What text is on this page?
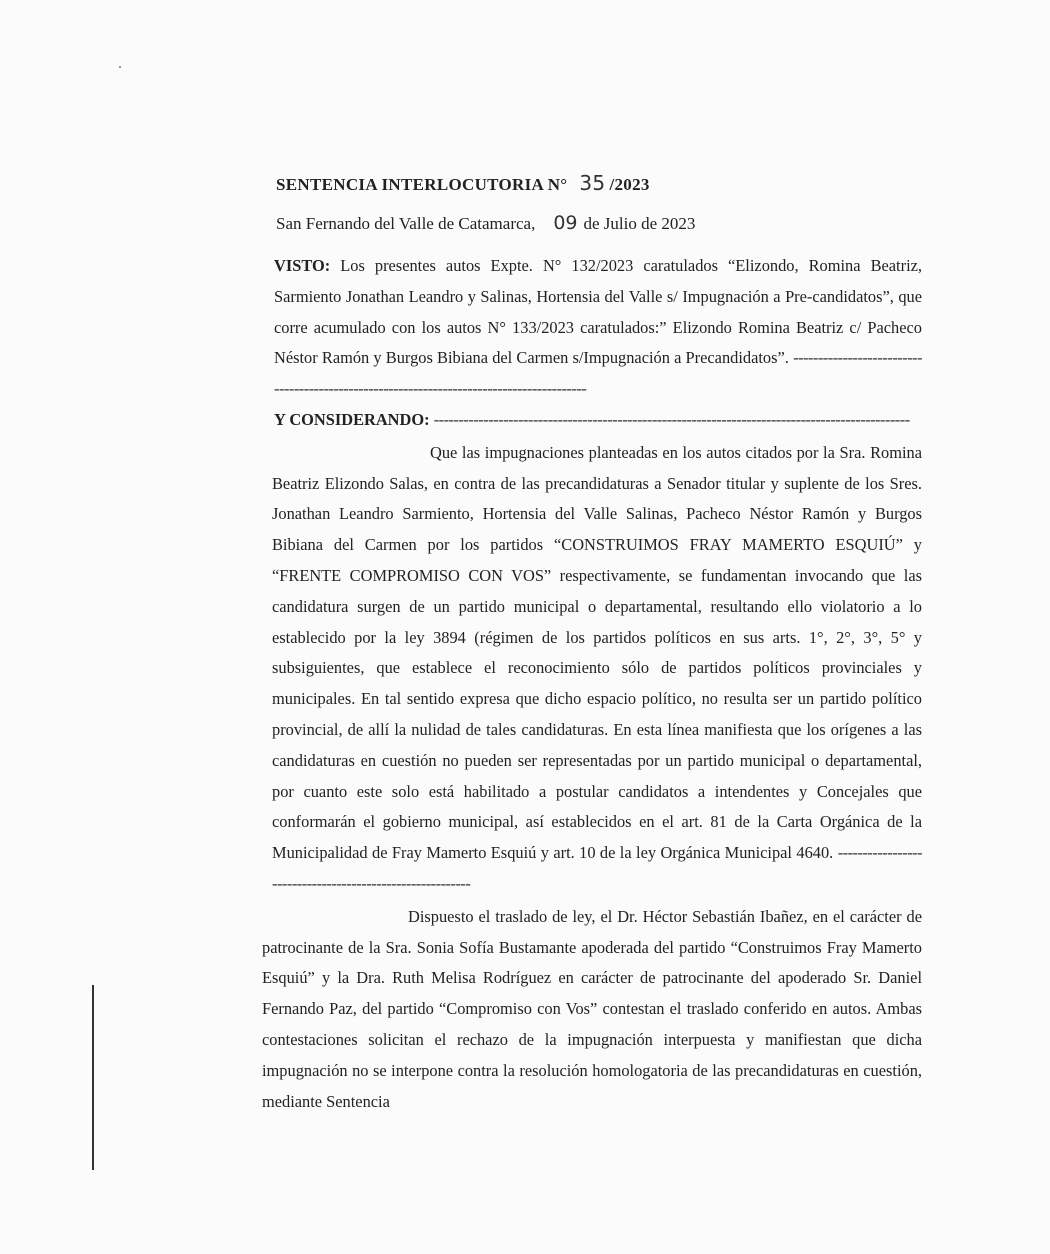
SENTENCIA INTERLOCUTORIA N° 35 /2023
San Fernando del Valle de Catamarca, 09 de Julio de 2023

VISTO: Los presentes autos Expte. N° 132/2023 caratulados “Elizondo, Romina Beatriz, Sarmiento Jonathan Leandro y Salinas, Hortensia del Valle s/ Impugnación a Pre-candidatos”, que corre acumulado con los autos N° 133/2023 caratulados:” Elizondo Romina Beatriz c/ Pacheco Néstor Ramón y Burgos Bibiana del Carmen s/Impugnación a Precandidatos”. -----------------------------------------------------------------------------------------

Y CONSIDERANDO: ------------------------------------------------------------------------------------------------

Que las impugnaciones planteadas en los autos citados por la Sra. Romina Beatriz Elizondo Salas, en contra de las precandidaturas a Senador titular y suplente de los Sres. Jonathan Leandro Sarmiento, Hortensia del Valle Salinas, Pacheco Néstor Ramón y Burgos Bibiana del Carmen por los partidos “CONSTRUIMOS FRAY MAMERTO ESQUIÚ” y “FRENTE COMPROMISO CON VOS” respectivamente, se fundamentan invocando que las candidatura surgen de un partido municipal o departamental, resultando ello violatorio a lo establecido por la ley 3894 (régimen de los partidos políticos en sus arts. 1°, 2°, 3°, 5° y subsiguientes, que establece el reconocimiento sólo de partidos políticos provinciales y municipales. En tal sentido expresa que dicho espacio político, no resulta ser un partido político provincial, de allí la nulidad de tales candidaturas. En esta línea manifiesta que los orígenes a las candidaturas en cuestión no pueden ser representadas por un partido municipal o departamental, por cuanto este solo está habilitado a postular candidatos a intendentes y Concejales que conformarán el gobierno municipal, así establecidos en el art. 81 de la Carta Orgánica de la Municipalidad de Fray Mamerto Esquiú y art. 10 de la ley Orgánica Municipal 4640. ---------------------------------------------------------

Dispuesto el traslado de ley, el Dr. Héctor Sebastián Ibañez, en el carácter de patrocinante de la Sra. Sonia Sofía Bustamante apoderada del partido “Construimos Fray Mamerto Esquiú” y la Dra. Ruth Melisa Rodríguez en carácter de patrocinante del apoderado Sr. Daniel Fernando Paz, del partido “Compromiso con Vos” contestan el traslado conferido en autos. Ambas contestaciones solicitan el rechazo de la impugnación interpuesta y manifiestan que dicha impugnación no se interpone contra la resolución homologatoria de las precandidaturas en cuestión, mediante Sentencia
